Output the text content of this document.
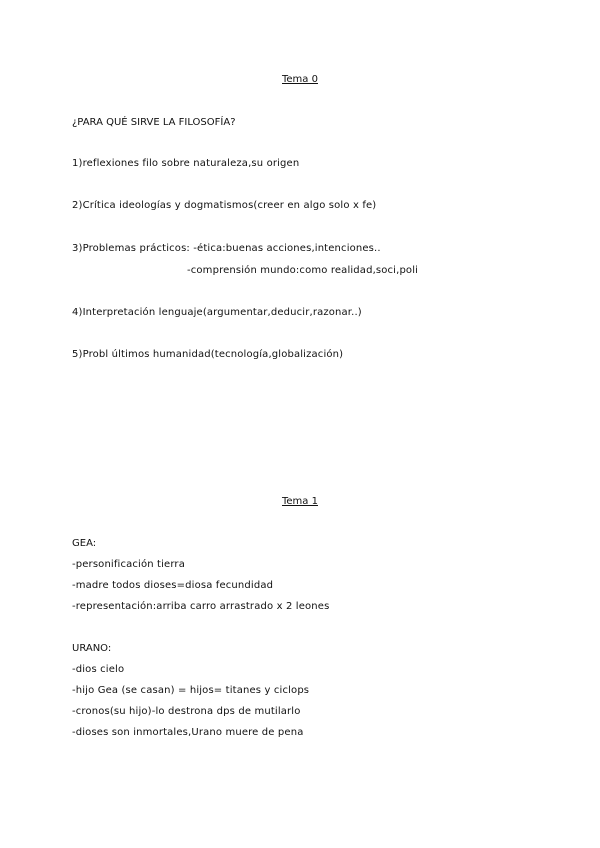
Tema 0
¿PARA QUÉ SIRVE LA FILOSOFÍA?
1)reflexiones filo sobre naturaleza,su origen
2)Crítica ideologías y dogmatismos(creer en algo solo x fe)
3)Problemas prácticos: -ética:buenas acciones,intenciones..
-comprensión mundo:como realidad,soci,poli
4)Interpretación lenguaje(argumentar,deducir,razonar..)
5)Probl últimos humanidad(tecnología,globalización)
Tema 1
GEA:
-personificación tierra
-madre todos dioses=diosa fecundidad
-representación:arriba carro arrastrado x 2 leones
URANO:
-dios cielo
-hijo Gea (se casan) = hijos= titanes y ciclops
-cronos(su hijo)-lo destrona dps de mutilarlo
-dioses son inmortales,Urano muere de pena
